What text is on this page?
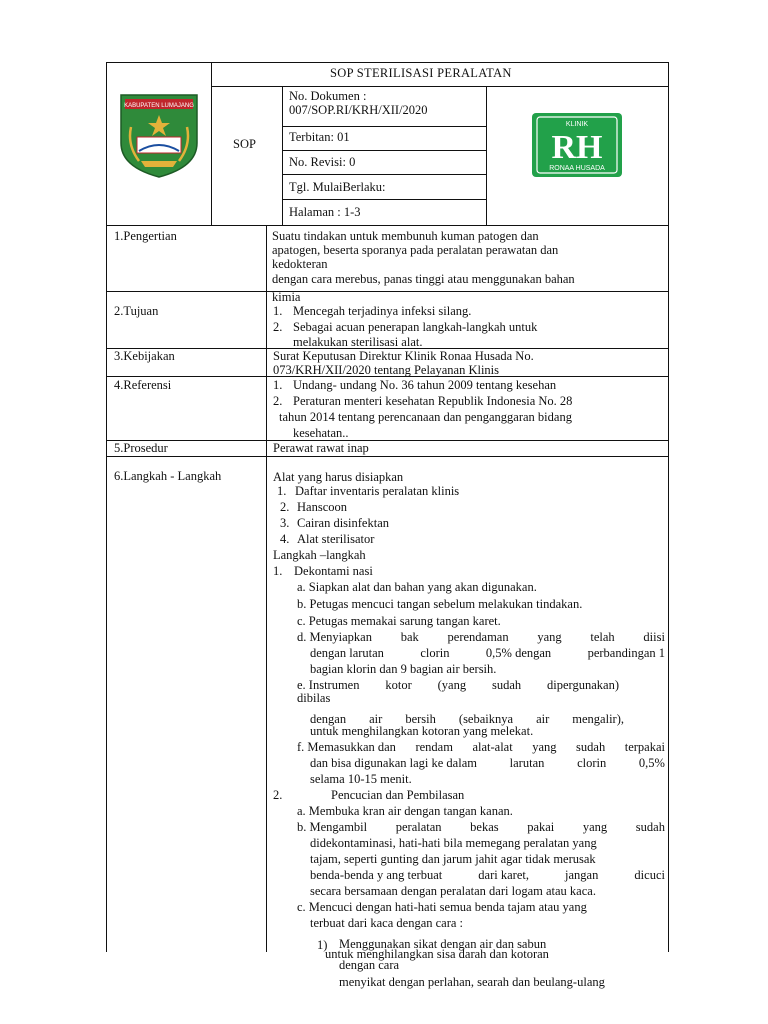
SOP STERILISASI PERALATAN
SOP
KABUPATEN LUMAJANG
No. Dokumen :
007/SOP.RI/KRH/XII/2020
Terbitan: 01
No. Revisi: 0
Tgl. MulaiBerlaku:
Halaman : 1-3
KLINIK
RH
RONAA HUSADA
1.Pengertian	Suatu tindakan untuk membunuh kuman patogen dan
apatogen, beserta sporanya pada peralatan perawatan dan
kedokteran
dengan cara merebus, panas tinggi atau menggunakan bahan
kimia
2.Tujuan	1. Mencegah terjadinya infeksi silang.
2. Sebagai acuan penerapan langkah-langkah untuk
melakukan sterilisasi alat.
3.Kebijakan	Surat Keputusan Direktur Klinik Ronaa Husada No.
073/KRH/XII/2020 tentang Pelayanan Klinis
4.Referensi	1. Undang- undang No. 36 tahun 2009 tentang kesehan
2. Peraturan menteri kesehatan Republik Indonesia No. 28
tahun 2014 tentang perencanaan dan penganggaran bidang
kesehatan..
5.Prosedur	Perawat rawat inap
6.Langkah - Langkah	Alat yang harus disiapkan
1. Daftar inventaris peralatan klinis
2. Hanscoon
3. Cairan disinfektan
4. Alat sterilisator
Langkah –langkah
1. Dekontami nasi
a. Siapkan alat dan bahan yang akan digunakan.
b. Petugas mencuci tangan sebelum melakukan tindakan.
c. Petugas memakai sarung tangan karet.
d. Menyiapkan bak perendaman yang telah diisi
dengan larutan	clorin	0,5% dengan	perbandingan 1
bagian klorin dan 9 bagian air bersih.
e. Instrumen kotor (yang sudah dipergunakan)
dibilas
dengan air bersih (sebaiknya air mengalir),
untuk menghilangkan kotoran yang melekat.
f. Memasukkan dan rendam alat-alat yang sudah terpakai
dan bisa digunakan lagi ke dalam	larutan	clorin	0,5%
selama 10-15 menit.
2.	Pencucian dan Pembilasan
a. Membuka kran air dengan tangan kanan.
b. Mengambil peralatan bekas pakai yang sudah
didekontaminasi, hati-hati bila memegang peralatan yang
tajam, seperti gunting dan jarum jahit agar tidak merusak
benda-benda y ang terbuat	dari karet,	jangan	dicuci
secara bersamaan dengan peralatan dari logam atau kaca.
c. Mencuci dengan hati-hati semua benda tajam atau yang
terbuat dari kaca dengan cara :
1) Menggunakan sikat dengan air dan sabun
untuk menghilangkan sisa darah dan kotoran
dengan cara
menyikat dengan perlahan, searah dan beulang-ulang
